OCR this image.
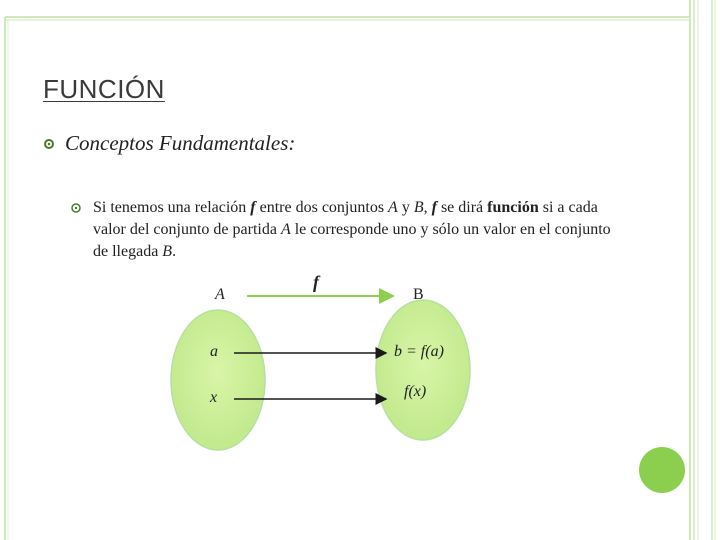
FUNCIÓN
Conceptos Fundamentales:
Si tenemos una relación f entre dos conjuntos A y B, f se dirá función si a cada valor del conjunto de partida A le corresponde uno y sólo un valor en el conjunto de llegada B.
A	B
f
a
x
b = f(a)
f(x)
